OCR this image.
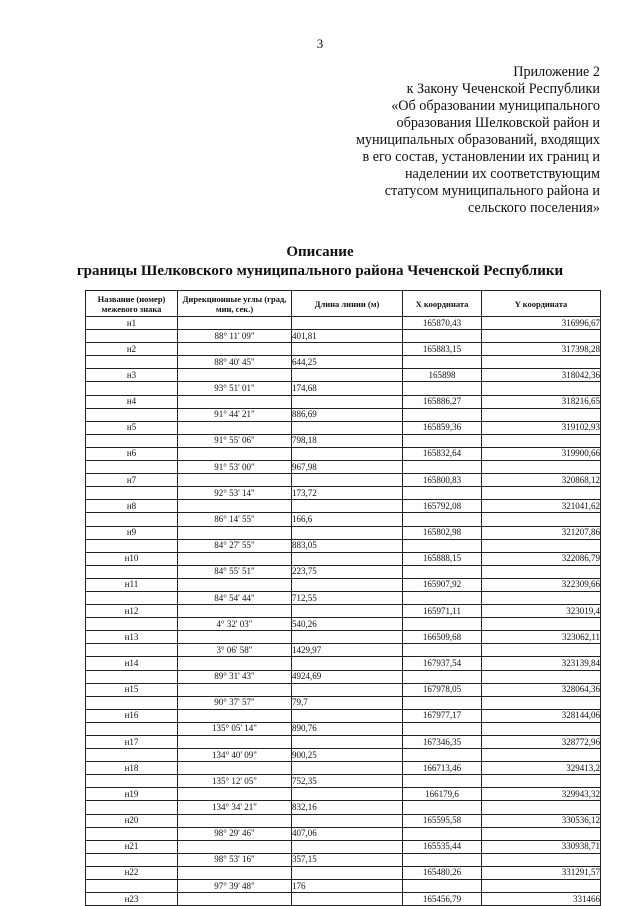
3
Приложение 2
к Закону Чеченской Республики
«Об образовании муниципального
образования Шелковской район и
муниципальных образований, входящих
в его состав, установлении их границ и
наделении их соответствующим
статусом муниципального района и
сельского поселения»
Описание
границы Шелковского муниципального района Чеченской Республики
Название (номер) межевого знака	Дирекционные углы (град, мин, сек.)	Длина линии (м)	X координата	Y координата
н1			165870,43	316996,67
	88° 11' 09"	401,81		
н2			165883,15	317398,28
	88° 40' 45"	644,25		
н3			165898	318042,36
	93° 51' 01"	174,68		
н4			165886,27	318216,65
	91° 44' 21"	886,69		
н5			165859,36	319102,93
	91° 55' 06"	798,18		
н6			165832,64	319900,66
	91° 53' 00"	967,98		
н7			165800,83	320868,12
	92° 53' 14"	173,72		
н8			165792,08	321041,62
	86° 14' 55"	166,6		
н9			165802,98	321207,86
	84° 27' 55"	883,05		
н10			165888,15	322086,79
	84° 55' 51"	223,75		
н11			165907,92	322309,66
	84° 54' 44"	712,55		
н12			165971,11	323019,4
	4° 32' 03"	540,26		
н13			166509,68	323062,11
	3° 06' 58"	1429,97		
н14			167937,54	323139,84
	89° 31' 43"	4924,69		
н15			167978,05	328064,36
	90° 37' 57"	79,7		
н16			167977,17	328144,06
	135° 05' 14"	890,76		
н17			167346,35	328772,96
	134° 40' 09"	900,25		
н18			166713,46	329413,2
	135° 12' 05"	752,35		
н19			166179,6	329943,32
	134° 34' 21"	832,16		
н20			165595,58	330536,12
	98° 29' 46"	407,06		
н21			165535,44	330938,71
	98° 53' 16"	357,15		
н22			165480,26	331291,57
	97° 39' 48"	176		
н23			165456,79	331466
